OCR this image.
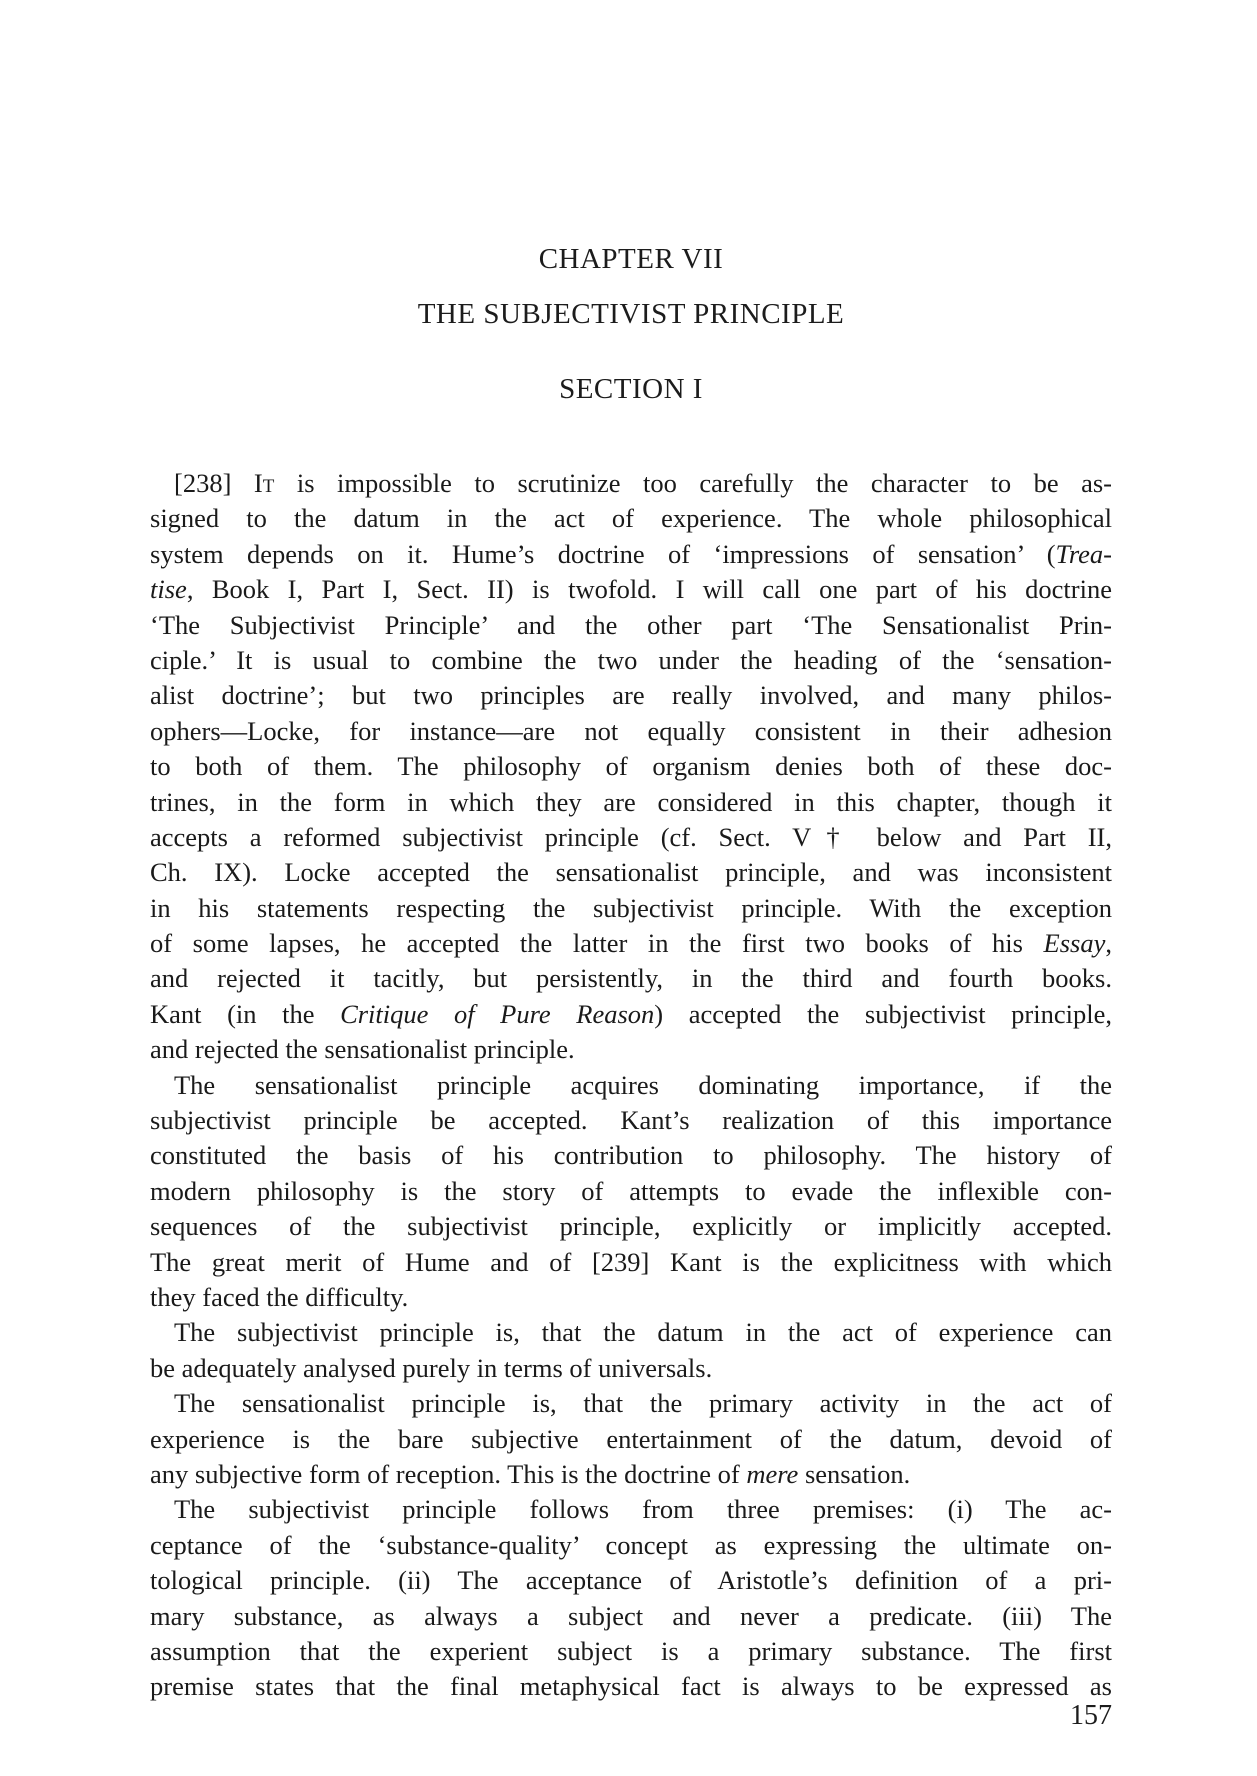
CHAPTER VII
THE SUBJECTIVIST PRINCIPLE
SECTION I
[238] It is impossible to scrutinize too carefully the character to be as-
signed to the datum in the act of experience. The whole philosophical
system depends on it. Hume’s doctrine of ‘impressions of sensation’ (Trea-
tise, Book I, Part I, Sect. II) is twofold. I will call one part of his doctrine
‘The Subjectivist Principle’ and the other part ‘The Sensationalist Prin-
ciple.’ It is usual to combine the two under the heading of the ‘sensation-
alist doctrine’; but two principles are really involved, and many philos-
ophers—Locke, for instance—are not equally consistent in their adhesion
to both of them. The philosophy of organism denies both of these doc-
trines, in the form in which they are considered in this chapter, though it
accepts a reformed subjectivist principle (cf. Sect. V† below and Part II,
Ch. IX). Locke accepted the sensationalist principle, and was inconsistent
in his statements respecting the subjectivist principle. With the exception
of some lapses, he accepted the latter in the first two books of his Essay,
and rejected it tacitly, but persistently, in the third and fourth books.
Kant (in the Critique of Pure Reason) accepted the subjectivist principle,
and rejected the sensationalist principle.
The sensationalist principle acquires dominating importance, if the
subjectivist principle be accepted. Kant’s realization of this importance
constituted the basis of his contribution to philosophy. The history of
modern philosophy is the story of attempts to evade the inflexible con-
sequences of the subjectivist principle, explicitly or implicitly accepted.
The great merit of Hume and of [239] Kant is the explicitness with which
they faced the difficulty.
The subjectivist principle is, that the datum in the act of experience can
be adequately analysed purely in terms of universals.
The sensationalist principle is, that the primary activity in the act of
experience is the bare subjective entertainment of the datum, devoid of
any subjective form of reception. This is the doctrine of mere sensation.
The subjectivist principle follows from three premises: (i) The ac-
ceptance of the ‘substance-quality’ concept as expressing the ultimate on-
tological principle. (ii) The acceptance of Aristotle’s definition of a pri-
mary substance, as always a subject and never a predicate. (iii) The
assumption that the experient subject is a primary substance. The first
premise states that the final metaphysical fact is always to be expressed as
157
